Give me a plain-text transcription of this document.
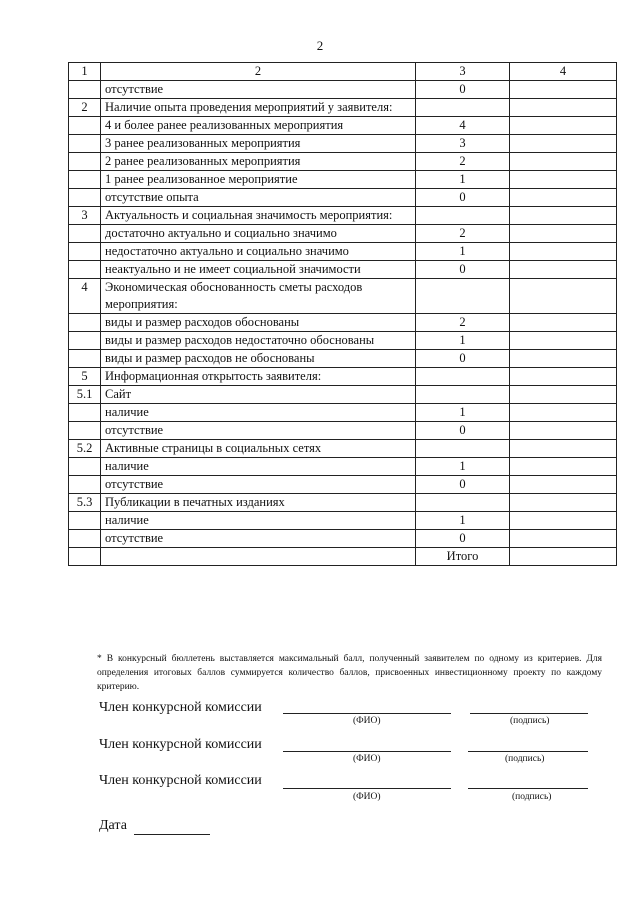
2
1	2	3	4
	отсутствие	0	
2	Наличие опыта проведения мероприятий у заявителя:		
	4 и более ранее реализованных мероприятия	4	
	3 ранее реализованных мероприятия	3	
	2 ранее реализованных мероприятия	2	
	1 ранее реализованное мероприятие	1	
	отсутствие опыта	0	
3	Актуальность и социальная значимость мероприятия:		
	достаточно актуально и социально значимо	2	
	недостаточно актуально и социально значимо	1	
	неактуально и не имеет социальной значимости	0	
4	Экономическая обоснованность сметы расходов мероприятия:		
	виды и размер расходов обоснованы	2	
	виды и размер расходов недостаточно обоснованы	1	
	виды и размер расходов не обоснованы	0	
5	Информационная открытость заявителя:		
5.1	Сайт		
	наличие	1	
	отсутствие	0	
5.2	Активные страницы в социальных сетях		
	наличие	1	
	отсутствие	0	
5.3	Публикации в печатных изданиях		
	наличие	1	
	отсутствие	0	
		Итого	
* В конкурсный бюллетень выставляется максимальный балл, полученный заявителем по одному из критериев. Для определения итоговых баллов суммируется количество баллов, присвоенных инвестиционному проекту по каждому критерию.
Член конкурсной комиссии
(ФИО)	(подпись)
Член конкурсной комиссии
(ФИО)	(подпись)
Член конкурсной комиссии
(ФИО)	(подпись)
Дата
